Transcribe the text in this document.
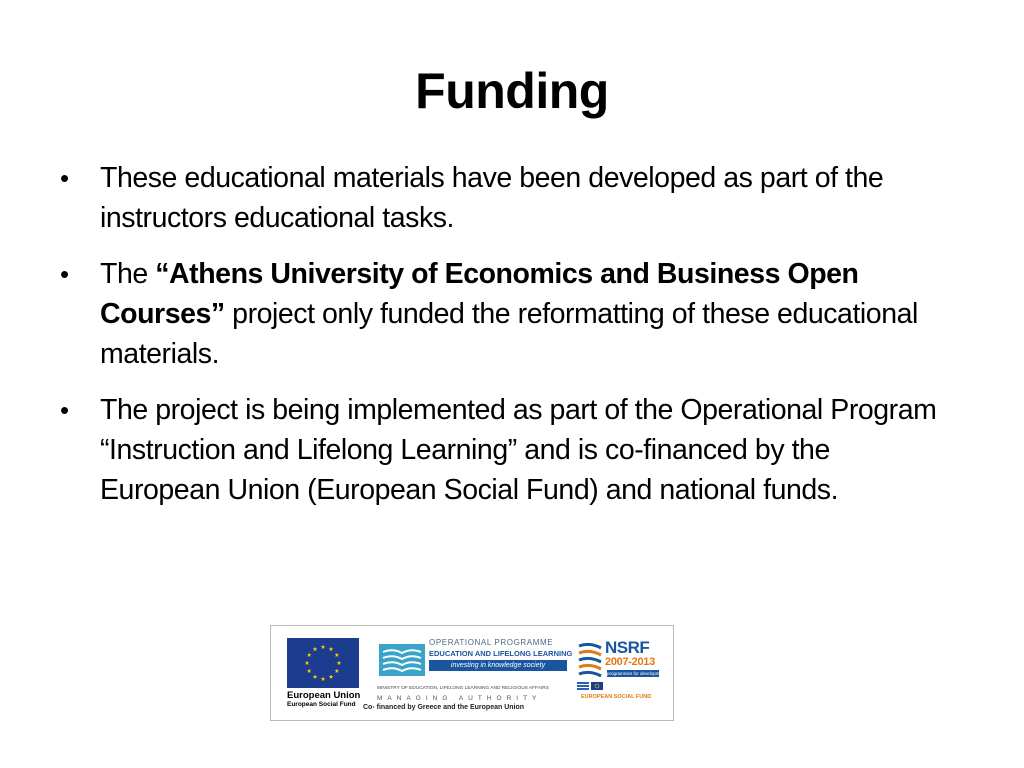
Funding
• These educational materials have been developed as part of the instructors educational tasks.
• The “Athens University of Economics and Business Open Courses” project only funded the reformatting of these educational materials.
• The project is being implemented as part of the Operational Program “Instruction and Lifelong Learning” and is co-financed by the European Union (European Social Fund) and national funds.
European Union
European Social Fund
OPERATIONAL PROGRAMME
EDUCATION AND LIFELONG LEARNING
investing in knowledge society
MINISTRY OF EDUCATION, LIFELONG LEARNING AND RELIGIOUS AFFAIRS
MANAGING AUTHORITY
Co- financed by Greece and the European Union
NSRF
2007-2013
programmes for development
EUROPEAN SOCIAL FUND
